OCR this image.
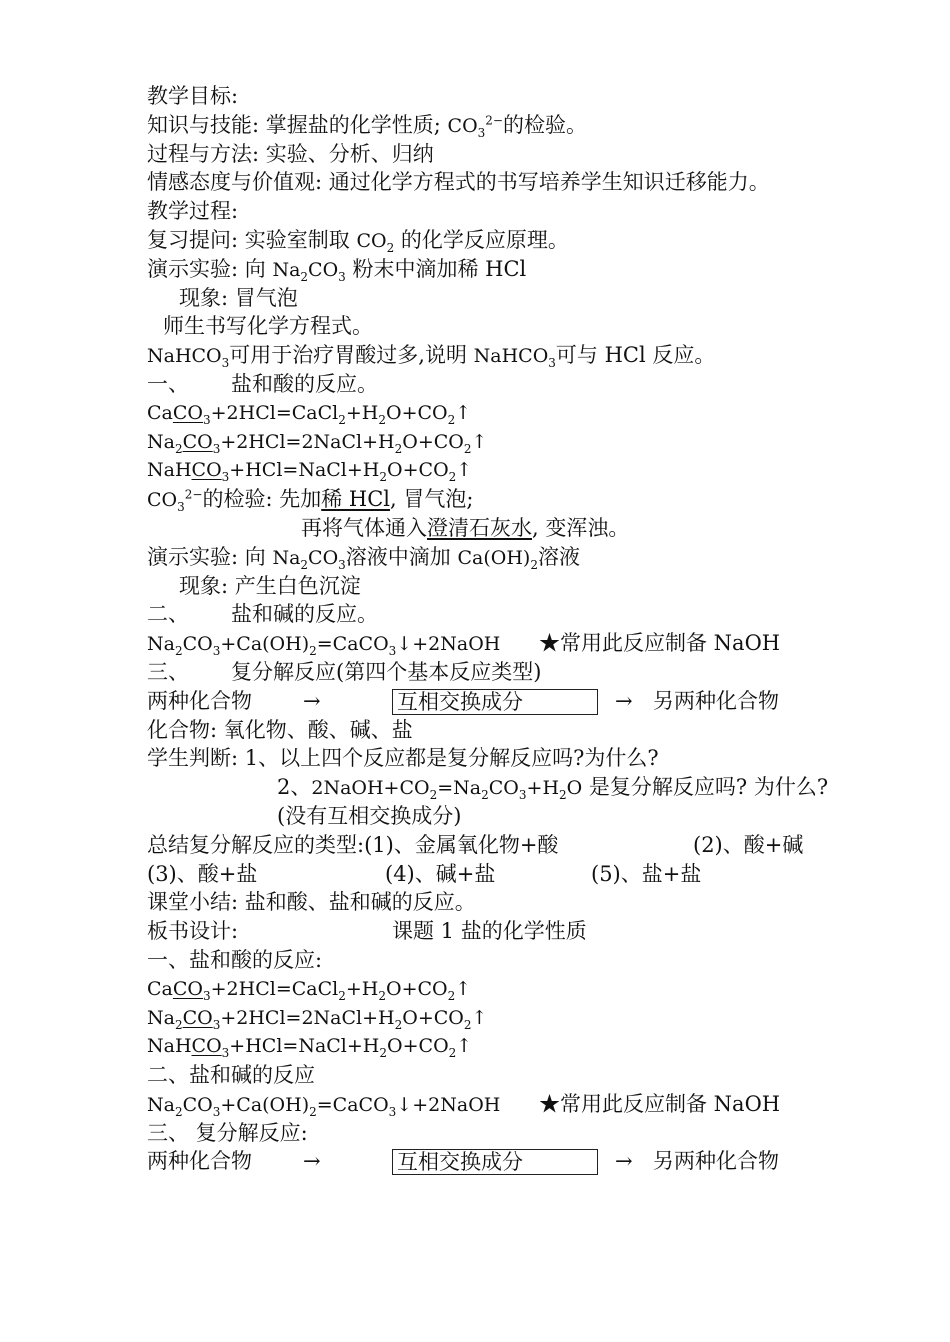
教学目标:
知识与技能: 掌握盐的化学性质; $CO_3^{2-}$的检验。
过程与方法: 实验、分析、归纳
情感态度与价值观: 通过化学方程式的书写培养学生知识迁移能力。
教学过程:
复习提问: 实验室制取 $CO_2$ 的化学反应原理。
演示实验: 向 $Na_2CO_3$ 粉末中滴加稀 HCl
现象: 冒气泡
师生书写化学方程式。
NaHCO$_3$可用于治疗胃酸过多,说明 NaHCO$_3$可与 HCl 反应。
一、 盐和酸的反应。
$CaCO_3+2HCl=CaCl_2+H_2O+CO_2↑$
$Na_2CO_3+2HCl=2NaCl+H_2O+CO_2↑$
$NaHCO_3+HCl=NaCl+H_2O+CO_2↑$
$CO_3^{2-}$的检验: 先加稀 HCl, 冒气泡;
再将气体通入澄清石灰水, 变浑浊。
演示实验: 向 $Na_2CO_3$溶液中滴加 $Ca(OH)_2$溶液
现象: 产生白色沉淀
二、 盐和碱的反应。
$Na_2CO_3+Ca(OH)_2=CaCO_3↓+2NaOH$ ★常用此反应制备 NaOH
三、 复分解反应(第四个基本反应类型)
两种化合物 →	互相交换成分	→ 另两种化合物
化合物: 氧化物、酸、碱、盐
学生判断: 1、以上四个反应都是复分解反应吗?为什么?
2、$2NaOH+CO_2=Na_2CO_3+H_2O$ 是复分解反应吗? 为什么?
(没有互相交换成分)
总结复分解反应的类型:(1)、金属氧化物+酸	(2)、酸+碱
(3)、酸+盐	(4)、碱+盐	(5)、盐+盐
课堂小结: 盐和酸、盐和碱的反应。
板书设计:	课题 1 盐的化学性质
一、盐和酸的反应:
$CaCO_3+2HCl=CaCl_2+H_2O+CO_2↑$
$Na_2CO_3+2HCl=2NaCl+H_2O+CO_2↑$
$NaHCO_3+HCl=NaCl+H_2O+CO_2↑$
二、盐和碱的反应
$Na_2CO_3+Ca(OH)_2=CaCO_3↓+2NaOH$ ★常用此反应制备 NaOH
三、 复分解反应:
两种化合物 →	互相交换成分	→ 另两种化合物
